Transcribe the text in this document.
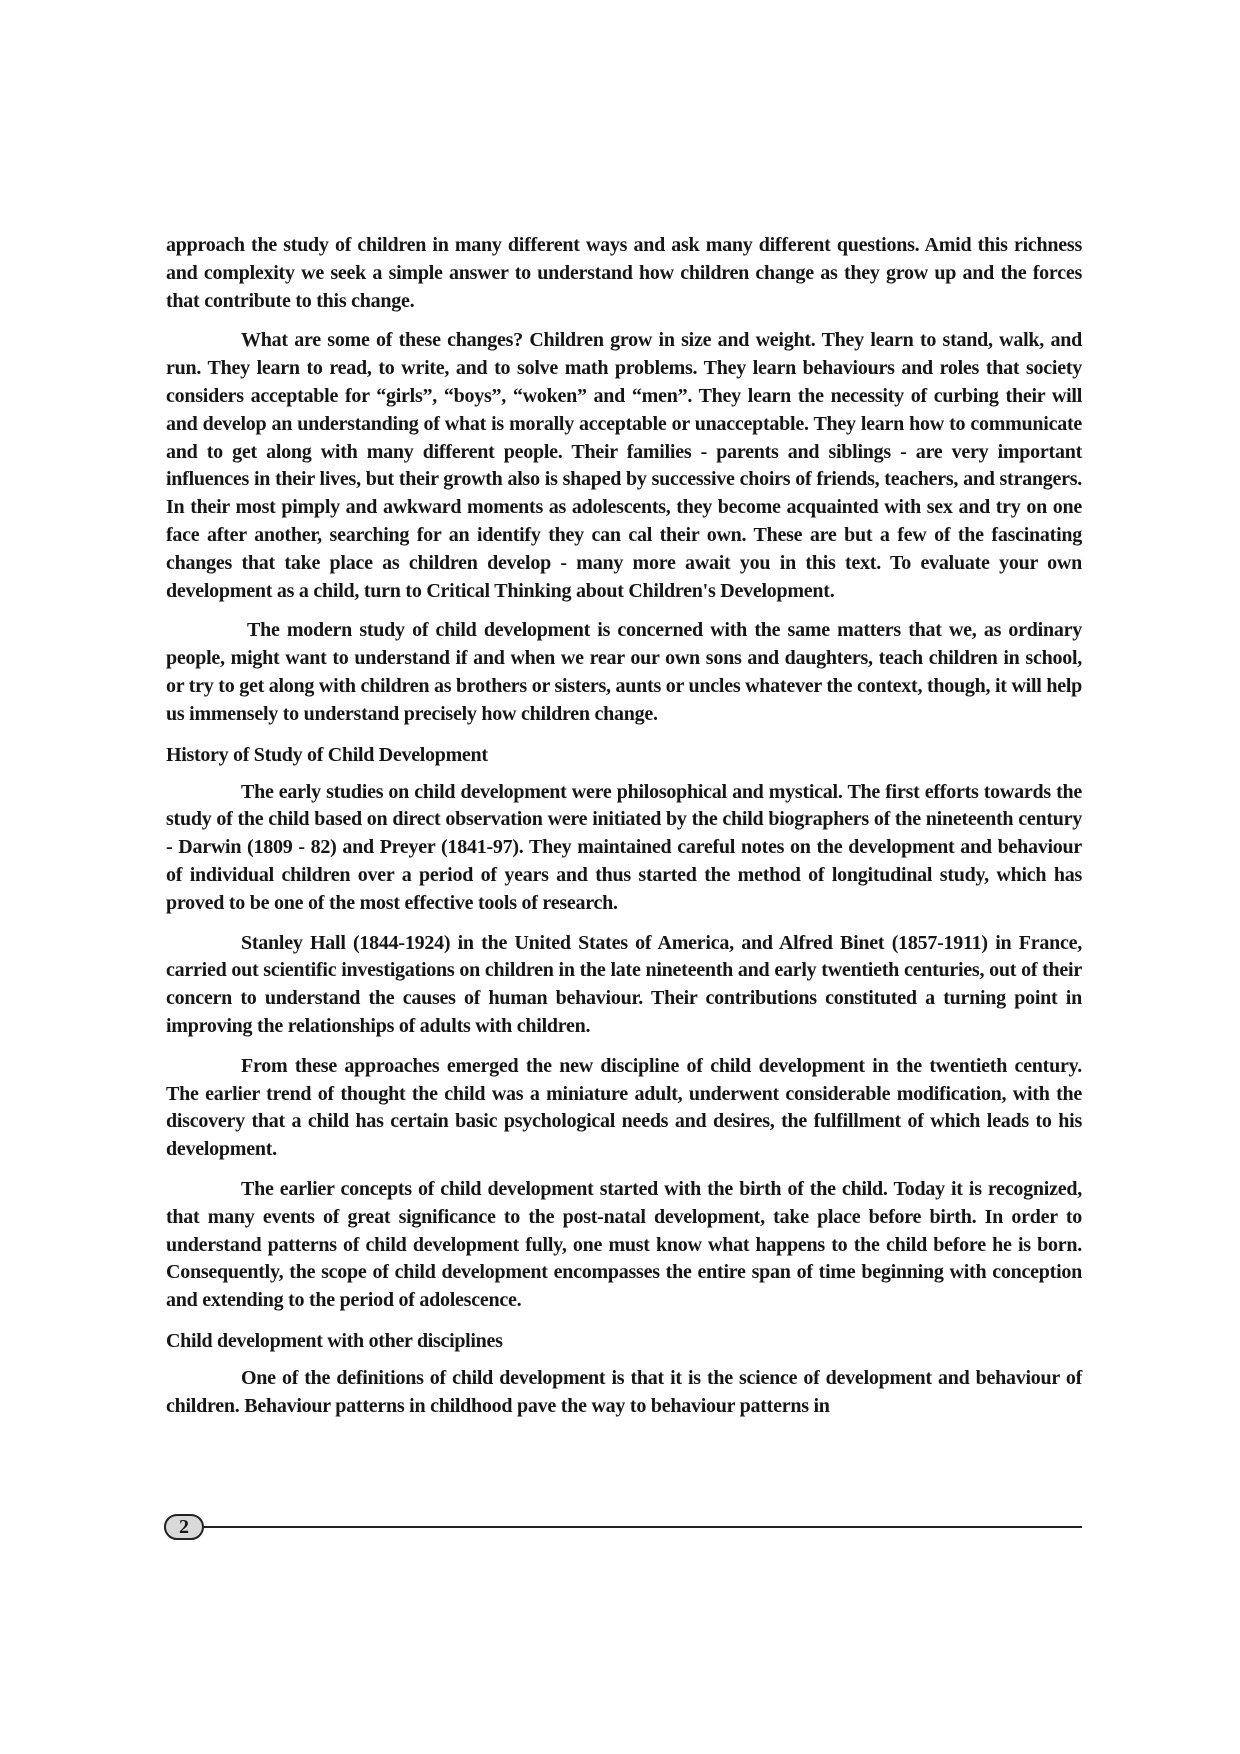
approach the study of children in many different ways and ask many different questions. Amid this richness and complexity we seek a simple answer to understand how children change as they grow up and the forces that contribute to this change.

What are some of these changes? Children grow in size and weight. They learn to stand, walk, and run. They learn to read, to write, and to solve math problems. They learn behaviours and roles that society considers acceptable for “girls”, “boys”, “woken” and “men”. They learn the necessity of curbing their will and develop an understanding of what is morally acceptable or unacceptable. They learn how to communicate and to get along with many different people. Their families - parents and siblings - are very important influences in their lives, but their growth also is shaped by successive choirs of friends, teachers, and strangers. In their most pimply and awkward moments as adolescents, they become acquainted with sex and try on one face after another, searching for an identify they can cal their own. These are but a few of the fascinating changes that take place as children develop - many more await you in this text. To evaluate your own development as a child, turn to Critical Thinking about Children's Development.

The modern study of child development is concerned with the same matters that we, as ordinary people, might want to understand if and when we rear our own sons and daughters, teach children in school, or try to get along with children as brothers or sisters, aunts or uncles whatever the context, though, it will help us immensely to understand precisely how children change.

History of Study of Child Development

The early studies on child development were philosophical and mystical. The first efforts towards the study of the child based on direct observation were initiated by the child biographers of the nineteenth century - Darwin (1809 - 82) and Preyer (1841-97). They maintained careful notes on the development and behaviour of individual children over a period of years and thus started the method of longitudinal study, which has proved to be one of the most effective tools of research.

Stanley Hall (1844-1924) in the United States of America, and Alfred Binet (1857-1911) in France, carried out scientific investigations on children in the late nineteenth and early twentieth centuries, out of their concern to understand the causes of human behaviour. Their contributions constituted a turning point in improving the relationships of adults with children.

From these approaches emerged the new discipline of child development in the twentieth century. The earlier trend of thought the child was a miniature adult, underwent considerable modification, with the discovery that a child has certain basic psychological needs and desires, the fulfillment of which leads to his development.

The earlier concepts of child development started with the birth of the child. Today it is recognized, that many events of great significance to the post-natal development, take place before birth. In order to understand patterns of child development fully, one must know what happens to the child before he is born. Consequently, the scope of child development encompasses the entire span of time beginning with conception and extending to the period of adolescence.

Child development with other disciplines

One of the definitions of child development is that it is the science of development and behaviour of children. Behaviour patterns in childhood pave the way to behaviour patterns in

2
